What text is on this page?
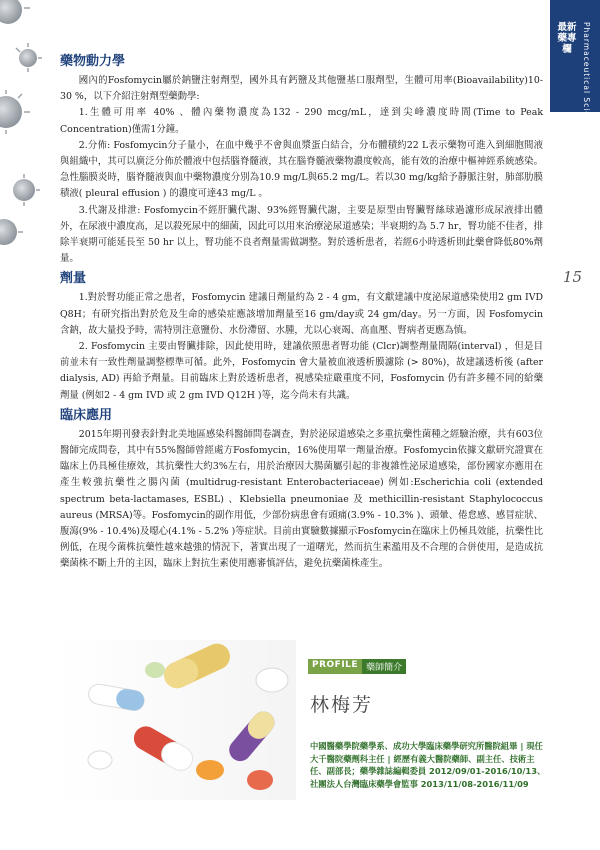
最新藥專欄	Pharmaceutical Sciences Column
15
藥物動力學

國內的Fosfomycin屬於鈉鹽注射劑型，國外具有鈣鹽及其他鹽基口服劑型，生體可用率(Bioavailability)10-30 %，以下介紹注射劑型藥動學:

1.生體可用率 40% 、體內藥物濃度為132 - 290 mcg/mL，達到尖峰濃度時間(Time to Peak Concentration)僅需1分鐘。

2.分佈: Fosfomycin分子量小，在血中幾乎不會與血漿蛋白結合，分布體積約22 L表示藥物可進入到細胞間液與組織中，其可以廣泛分佈於體液中包括腦脊髓液，其在腦脊髓液藥物濃度較高，能有效的治療中樞神經系統感染。急性腦膜炎時，腦脊髓液與血中藥物濃度分別為10.9 mg/L與65.2 mg/L。若以30 mg/kg給予靜脈注射，肺部肋膜積液( pleural effusion ) 的濃度可達43 mg/L 。

3.代謝及排泄: Fosfomycin不經肝臟代謝、93%經腎臟代謝，主要是原型由腎臟腎絲球過濾形成尿液排出體外，在尿液中濃度高，足以殺死尿中的細菌，因此可以用來治療泌尿道感染；半衰期約為 5.7 hr，腎功能不佳者，排除半衰期可能延長至 50 hr 以上，腎功能不良者劑量需做調整。對於透析患者，若經6小時透析則此藥會降低80%劑量。

劑量

1.對於腎功能正常之患者，Fosfomycin 建議日劑量約為 2 - 4 gm，有文獻建議中度泌尿道感染使用2 gm IVD Q8H；有研究指出對於危及生命的感染症應該增加劑量至16 gm/day或 24 gm/day。另一方面，因 Fosfomycin 含鈉，故大量投予時，需特別注意鹽份、水份滯留、水腫，尤以心衰竭、高血壓、腎病者更應為慎。

2. Fosfomycin 主要由腎臟排除，因此使用時，建議依照患者腎功能 (Clcr)調整劑量間隔(interval) ，但是目前並未有一致性劑量調整標準可循。此外，Fosfomycin 會大量被血液透析膜濾除 (> 80%)，故建議透析後 (after dialysis, AD) 再給予劑量。目前臨床上對於透析患者，視感染症嚴重度不同，Fosfomycin 仍有許多種不同的給藥劑量 (例如2 - 4 gm IVD 或 2 gm IVD Q12H )等，迄今尚未有共識。

臨床應用

2015年期刊發表針對北美地區感染科醫師問卷調查，對於泌尿道感染之多重抗藥性菌種之經驗治療，共有603位醫師完成問卷，其中有55%醫師曾經處方Fosfomycin，16%使用單一劑量治療。Fosfomycin依據文獻研究證實在臨床上仍具極佳療效，其抗藥性大約3%左右，用於治療因大腸菌屬引起的非複雜性泌尿道感染，部份國家亦應用在產生較強抗藥性之腸內菌 (multidrug-resistant Enterobacteriaceae) 例如:Escherichia coli (extended spectrum beta-lactamases, ESBL) 、Klebsiella pneumoniae 及 methicillin-resistant Staphylococcus aureus (MRSA)等。Fosfomycin的副作用低，少部份病患會有頭痛(3.9% - 10.3% )、頭暈、倦怠感、感冒症狀、腹瀉(9% - 10.4%)及噁心(4.1% - 5.2% )等症狀。目前由實驗數據顯示Fosfomycin在臨床上仍極具效能，抗藥性比例低，在現今菌株抗藥性越來越強的情況下，著實出現了一道曙光，然而抗生素濫用及不合理的合併使用，是造成抗藥菌株不斷上升的主因，臨床上對抗生素使用應審慎評估，避免抗藥菌株產生。

PROFILE 藥師簡介
林梅芳
中國醫藥學院藥學系、成功大學臨床藥學研究所醫院組畢 | 現任大千醫院藥劑科主任 | 經歷有義大醫院藥師、副主任、技術主任、副部長；藥學雜誌編輯委員 2012/09/01-2016/10/13、社團法人台灣臨床藥學會監事 2013/11/08-2016/11/09
